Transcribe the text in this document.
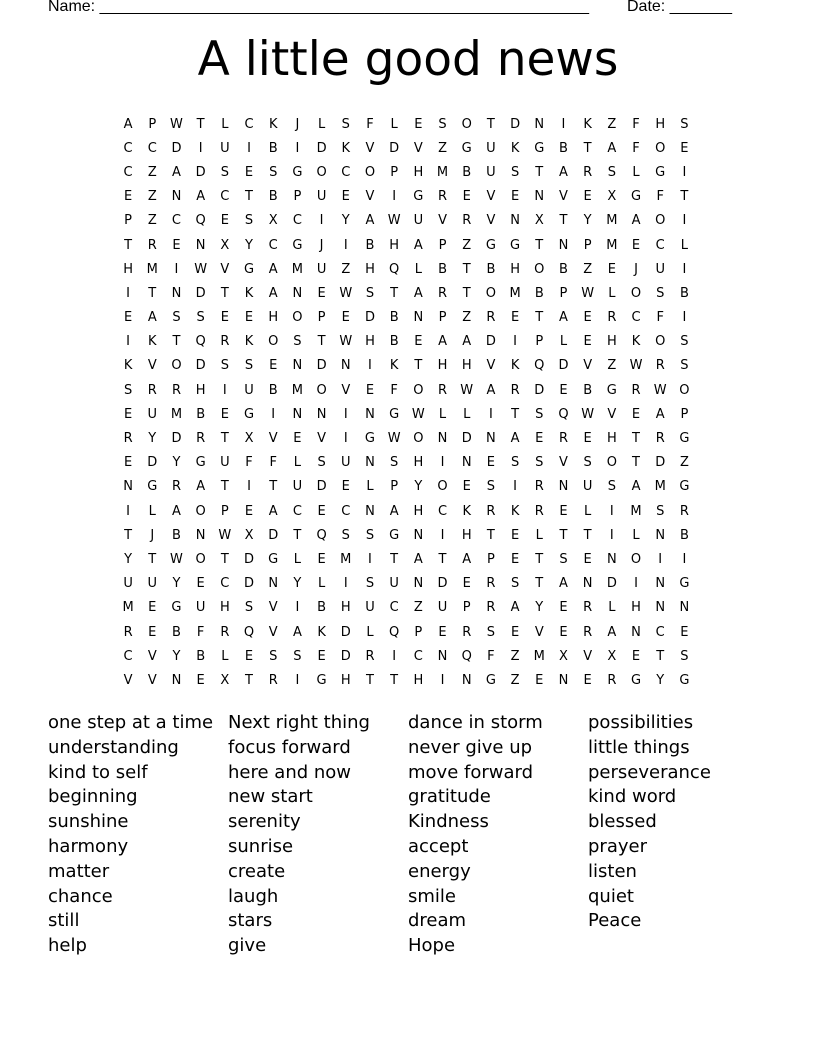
Name: _______________________________________________________ Date: _______
A little good news
A	P	W	T	L	C	K	J	L	S	F	L	E	S	O	T	D	N	I	K	Z	F	H	S
C	C	D	I	U	I	B	I	D	K	V	D	V	Z	G	U	K	G	B	T	A	F	O	E
C	Z	A	D	S	E	S	G	O	C	O	P	H	M	B	U	S	T	A	R	S	L	G	I
E	Z	N	A	C	T	B	P	U	E	V	I	G	R	E	V	E	N	V	E	X	G	F	T
P	Z	C	Q	E	S	X	C	I	Y	A	W	U	V	R	V	N	X	T	Y	M	A	O	I
T	R	E	N	X	Y	C	G	J	I	B	H	A	P	Z	G	G	T	N	P	M	E	C	L
H	M	I	W	V	G	A	M	U	Z	H	Q	L	B	T	B	H	O	B	Z	E	J	U	I
I	T	N	D	T	K	A	N	E	W	S	T	A	R	T	O	M	B	P	W	L	O	S	B
E	A	S	S	E	E	H	O	P	E	D	B	N	P	Z	R	E	T	A	E	R	C	F	I
I	K	T	Q	R	K	O	S	T	W H	B	E	A	A	D	I	P	L	E	H	K	O	S
K	V	O	D	S	S	E	N	D	N	I	K	T	H	H	V	K	Q	D	V	Z	W	R	S
S	R	R	H	I	U	B	M	O	V	E	F	O	R	W	A	R	D	E	B	G	R	W O
E	U	M	B	E	G	I	N	N	I	N	G W	L	L	I	T	S	Q W	V	E	A	P
R	Y	D	R	T	X	V	E	V	I	G W O	N	D	N	A	E	R	E	H	T	R	G
E	D	Y	G	U	F	F	L	S	U	N	S	H	I	N	E	S	S	V	S	O	T	D	Z
N	G	R	A	T	I	T	U	D	E	L	P	Y	O	E	S	I	R	N	U	S	A	M	G
I	L	A	O	P	E	A	C	E	C	N	A	H	C	K	R	K	R	E	L	I	M	S	R
T	J	B	N W	X	D	T	Q	S	S	G	N	I	H	T	E	L	T	T	I	L	N	B
Y	T	W O	T	D	G	L	E	M	I	T	A	T	A	P	E	T	S	E	N	O	I	I
U	U	Y	E	C	D	N	Y	L	I	S	U	N	D	E	R	S	T	A	N	D	I	N	G
M	E	G	U	H	S	V	I	B	H	U	C	Z	U	P	R	A	Y	E	R	L	H	N	N
R	E	B	F	R	Q	V	A	K	D	L	Q	P	E	R	S	E	V	E	R	A	N	C	E
C	V	Y	B	L	E	S	S	E	D	R	I	C	N	Q	F	Z	M	X	V	X	E	T	S
V	V	N	E	X	T	R	I	G	H	T	T	H	I	N	G	Z	E	N	E	R	G	Y	G
one step at a time
understanding
kind to self
beginning
sunshine
harmony
matter
chance
still
help
Next right thing
focus forward
here and now
new start
serenity
sunrise
create
laugh
stars
give
dance in storm
never give up
move forward
gratitude
Kindness
accept
energy
smile
dream
Hope
possibilities
little things
perseverance
kind word
blessed
prayer
listen
quiet
Peace
